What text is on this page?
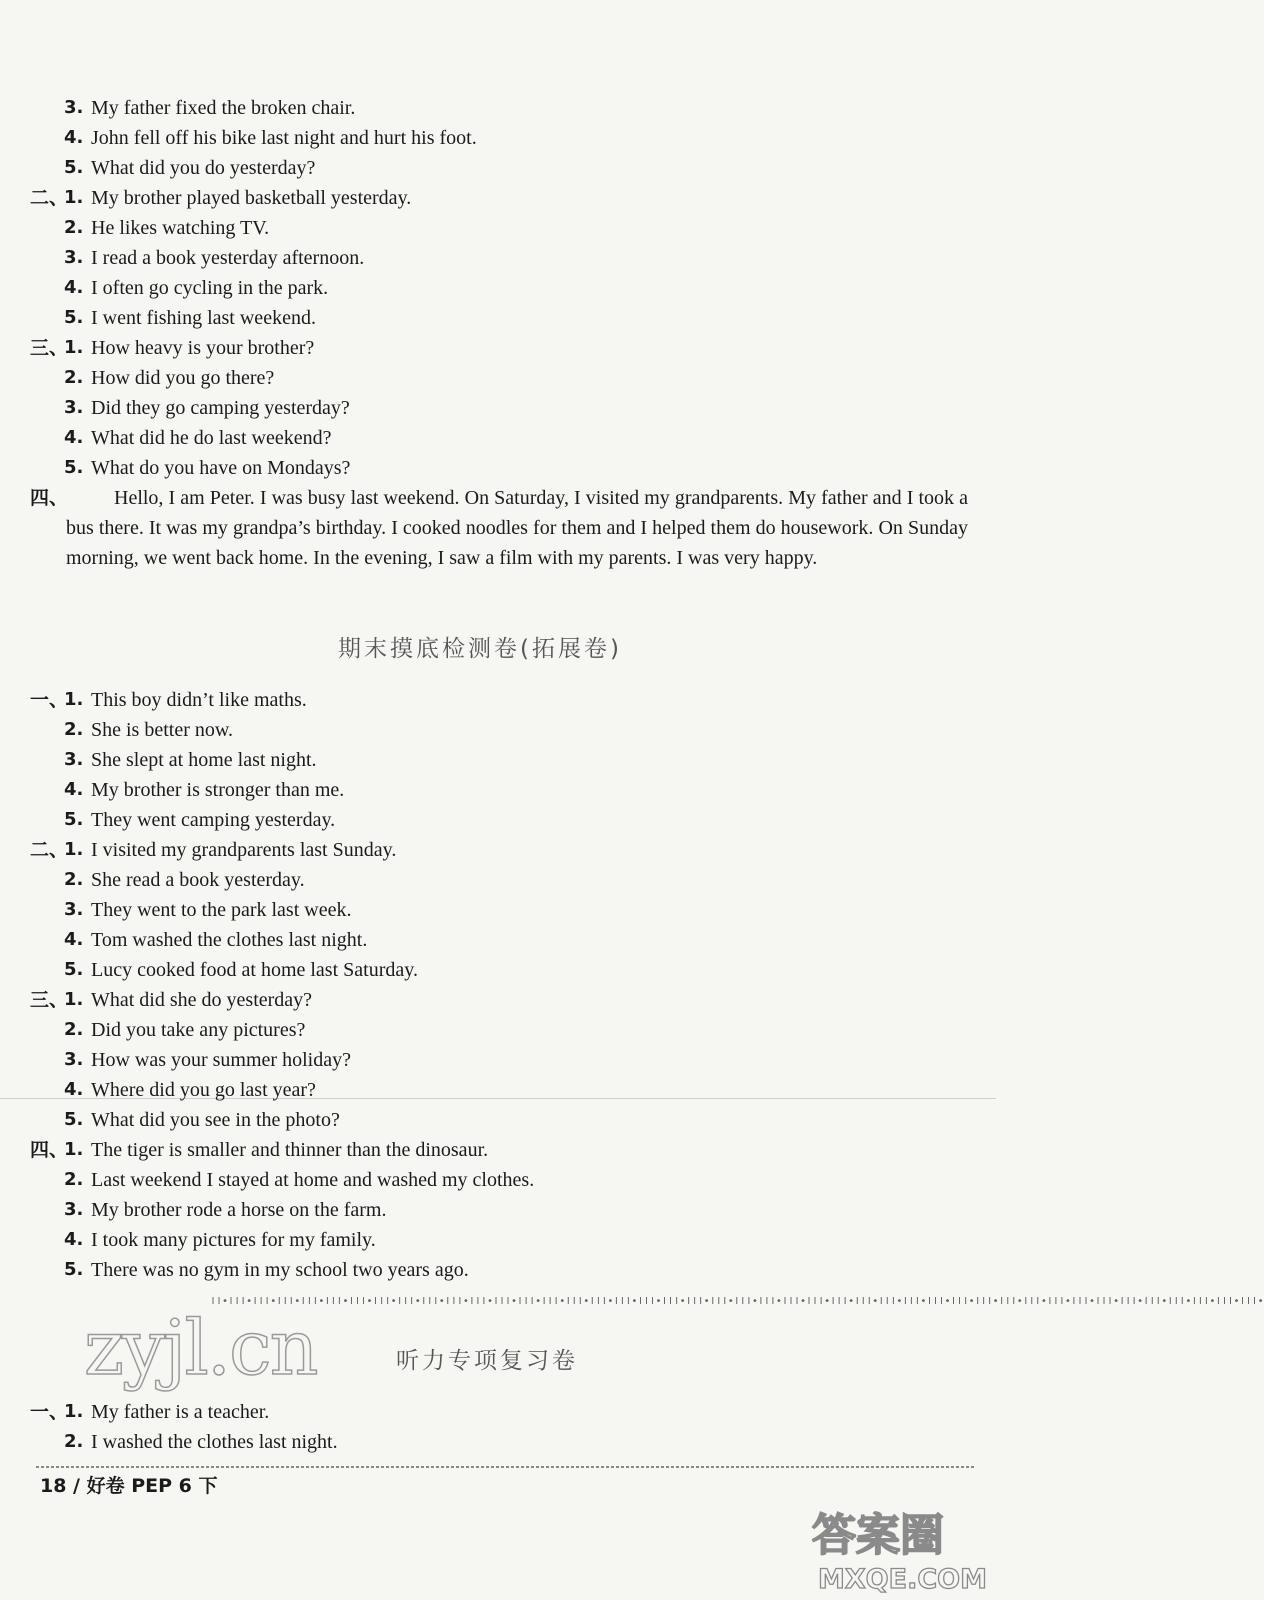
3. My father fixed the broken chair.
4. John fell off his bike last night and hurt his foot.
5. What did you do yesterday?
二、
1. My brother played basketball yesterday.
2. He likes watching TV.
3. I read a book yesterday afternoon.
4. I often go cycling in the park.
5. I went fishing last weekend.
三、
1. How heavy is your brother?
2. How did you go there?
3. Did they go camping yesterday?
4. What did he do last weekend?
5. What do you have on Mondays?
四、	Hello, I am Peter. I was busy last weekend. On Saturday, I visited my grandparents. My father and I took a bus there. It was my grandpa’s birthday. I cooked noodles for them and I helped them do housework. On Sunday morning, we went back home. In the evening, I saw a film with my parents. I was very happy.
期末摸底检测卷(拓展卷)
一、
1. This boy didn’t like maths.
2. She is better now.
3. She slept at home last night.
4. My brother is stronger than me.
5. They went camping yesterday.
二、
1. I visited my grandparents last Sunday.
2. She read a book yesterday.
3. They went to the park last week.
4. Tom washed the clothes last night.
5. Lucy cooked food at home last Saturday.
三、
1. What did she do yesterday?
2. Did you take any pictures?
3. How was your summer holiday?
4. Where did you go last year?
5. What did you see in the photo?
四、
1. The tiger is smaller and thinner than the dinosaur.
2. Last weekend I stayed at home and washed my clothes.
3. My brother rode a horse on the farm.
4. I took many pictures for my family.
5. There was no gym in my school two years ago.
ǀǀ•ǀǀǀ•ǀǀǀ•ǀǀǀ•ǀǀǀ•ǀǀǀ•ǀǀǀ•ǀǀǀ•ǀǀǀ•ǀǀǀ•ǀǀǀ•ǀǀǀ•ǀǀǀ•ǀǀǀ•ǀǀǀ•ǀǀǀ•ǀǀǀ•ǀǀǀ•ǀǀǀ•ǀǀǀ•ǀǀǀ•ǀǀǀ•ǀǀǀ•ǀǀǀ•ǀǀǀ•ǀǀǀ•ǀǀǀ•ǀǀǀ•ǀǀǀ•ǀǀǀ•ǀǀǀ•ǀǀǀ•ǀǀǀ•ǀǀǀ•ǀǀǀ•ǀǀǀ•ǀǀǀ•ǀǀǀ•ǀǀǀ•ǀǀǀ•ǀǀǀ•ǀǀǀ•ǀǀǀ•ǀǀǀ•
zyjl.cn	听力专项复习卷
一、
1. My father is a teacher.
2. I washed the clothes last night.
18 / 好卷 PEP 6 下
答案圈
MXQE.COM
